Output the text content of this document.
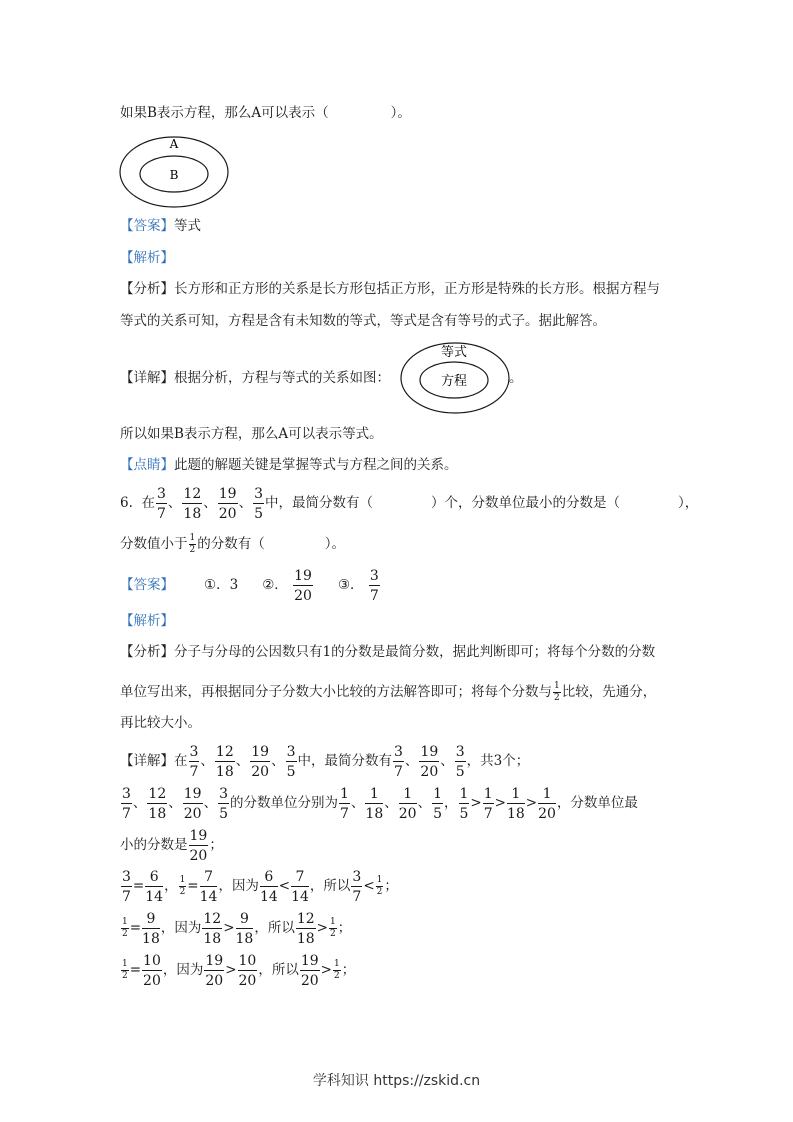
如果B表示方程，那么A可以表示（	）。
A
B
【答案】等式
【解析】
【分析】长方形和正方形的关系是长方形包括正方形，正方形是特殊的长方形。根据方程与
等式的关系可知，方程是含有未知数的等式，等式是含有等号的式子。据此解答。
【详解】根据分析，方程与等式的关系如图：
等式
方程	。
所以如果B表示方程，那么A可以表示等式。
【点睛】此题的解题关键是掌握等式与方程之间的关系。
6. 在 $\frac{3}{7}$ 、 $\frac{12}{18}$ 、 $\frac{19}{20}$ 、 $\frac{3}{5}$ 中，最简分数有（	）个，分数单位最小的分数是（	），
分数值小于 $\frac{1}{2}$ 的分数有（	）。
【答案】 ①．3 ②． $\frac{19}{20}$ ③． $\frac{3}{7}$
【解析】
【分析】分子与分母的公因数只有1的分数是最简分数，据此判断即可；将每个分数的分数
单位写出来，再根据同分子分数大小比较的方法解答即可；将每个分数与 $\frac{1}{2}$ 比较，先通分，
再比较大小。
【详解】在 $\frac{3}{7}$ 、 $\frac{12}{18}$ 、 $\frac{19}{20}$ 、 $\frac{3}{5}$ 中，最简分数有 $\frac{3}{7}$ 、 $\frac{19}{20}$ 、 $\frac{3}{5}$ ，共3个；
$\frac{3}{7}$ 、 $\frac{12}{18}$ 、 $\frac{19}{20}$ 、 $\frac{3}{5}$ 的分数单位分别为 $\frac{1}{7}$ 、 $\frac{1}{18}$ 、 $\frac{1}{20}$ 、 $\frac{1}{5}$ ， $\frac{1}{5} > \frac{1}{7} > \frac{1}{18} > \frac{1}{20}$ ，分数单位最
小的分数是 $\frac{19}{20}$ ；
$\frac{3}{7} = \frac{6}{14}$ ， $\frac{1}{2} = \frac{7}{14}$ ，因为 $\frac{6}{14} < \frac{7}{14}$ ，所以 $\frac{3}{7} < \frac{1}{2}$ ；
$\frac{1}{2} = \frac{9}{18}$ ，因为 $\frac{12}{18} > \frac{9}{18}$ ，所以 $\frac{12}{18} > \frac{1}{2}$ ；
$\frac{1}{2} = \frac{10}{20}$ ，因为 $\frac{19}{20} > \frac{10}{20}$ ，所以 $\frac{19}{20} > \frac{1}{2}$ ；
学科知识 https://zskid.cn
